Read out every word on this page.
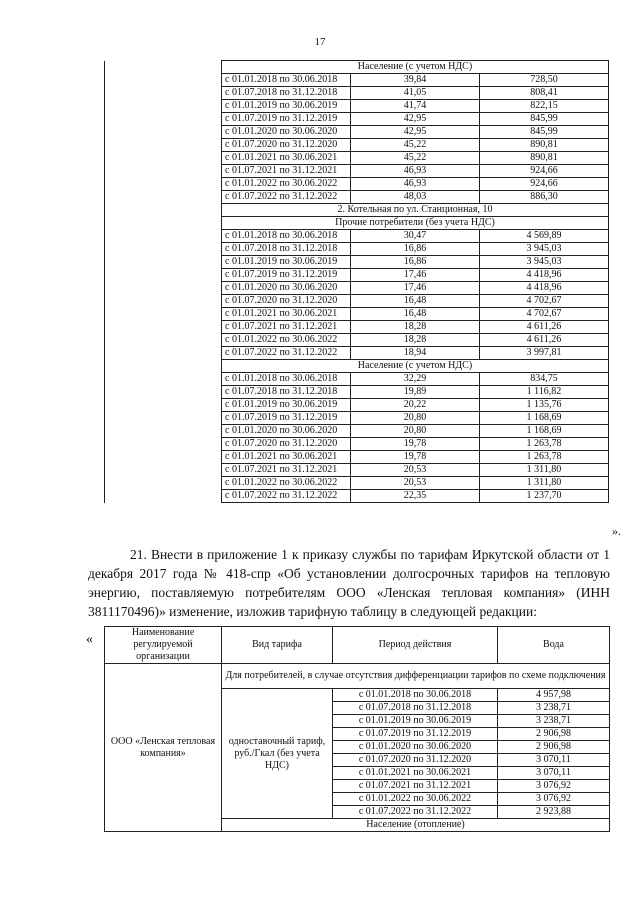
17
	Население (с учетом НДС)		
	с 01.01.2018 по 30.06.2018	39,84	728,50
	с 01.07.2018 по 31.12.2018	41,05	808,41
	с 01.01.2019 по 30.06.2019	41,74	822,15
	с 01.07.2019 по 31.12.2019	42,95	845,99
	с 01.01.2020 по 30.06.2020	42,95	845,99
	с 01.07.2020 по 31.12.2020	45,22	890,81
	с 01.01.2021 по 30.06.2021	45,22	890,81
	с 01.07.2021 по 31.12.2021	46,93	924,66
	с 01.01.2022 по 30.06.2022	46,93	924,66
	с 01.07.2022 по 31.12.2022	48,03	886,30
	2. Котельная по ул. Станционная, 10		
	Прочие потребители (без учета НДС)		
	с 01.01.2018 по 30.06.2018	30,47	4 569,89
	с 01.07.2018 по 31.12.2018	16,86	3 945,03
	с 01.01.2019 по 30.06.2019	16,86	3 945,03
	с 01.07.2019 по 31.12.2019	17,46	4 418,96
	с 01.01.2020 по 30.06.2020	17,46	4 418,96
	с 01.07.2020 по 31.12.2020	16,48	4 702,67
	с 01.01.2021 по 30.06.2021	16,48	4 702,67
	с 01.07.2021 по 31.12.2021	18,28	4 611,26
	с 01.01.2022 по 30.06.2022	18,28	4 611,26
	с 01.07.2022 по 31.12.2022	18,94	3 997,81
	Население (с учетом НДС)		
	с 01.01.2018 по 30.06.2018	32,29	834,75
	с 01.07.2018 по 31.12.2018	19,89	1 116,82
	с 01.01.2019 по 30.06.2019	20,22	1 135,76
	с 01.07.2019 по 31.12.2019	20,80	1 168,69
	с 01.01.2020 по 30.06.2020	20,80	1 168,69
	с 01.07.2020 по 31.12.2020	19,78	1 263,78
	с 01.01.2021 по 30.06.2021	19,78	1 263,78
	с 01.07.2021 по 31.12.2021	20,53	1 311,80
	с 01.01.2022 по 30.06.2022	20,53	1 311,80
	с 01.07.2022 по 31.12.2022	22,35	1 237,70
».

21. Внести в приложение 1 к приказу службы по тарифам Иркутской области от 1 декабря 2017 года № 418-спр «Об установлении долгосрочных тарифов на тепловую энергию, поставляемую потребителям ООО «Ленская тепловая компания» (ИНН 3811170496)» изменение, изложив тарифную таблицу в следующей редакции:

«	Наименование регулируемой организации	Вид тарифа	Период действия	Вода
ООО «Ленская тепловая компания»	Для потребителей, в случае отсутствия дифференциации тарифов по схеме подключения		
	одноставочный тариф, руб./Гкал (без учета НДС)	с 01.01.2018 по 30.06.2018	4 957,98
		с 01.07.2018 по 31.12.2018	3 238,71
		с 01.01.2019 по 30.06.2019	3 238,71
		с 01.07.2019 по 31.12.2019	2 906,98
		с 01.01.2020 по 30.06.2020	2 906,98
		с 01.07.2020 по 31.12.2020	3 070,11
		с 01.01.2021 по 30.06.2021	3 070,11
		с 01.07.2021 по 31.12.2021	3 076,92
		с 01.01.2022 по 30.06.2022	3 076,92
		с 01.07.2022 по 31.12.2022	2 923,88
	Население (отопление)		
